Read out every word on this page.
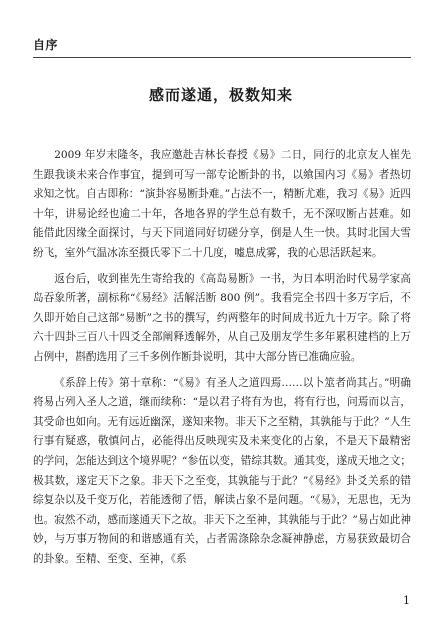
自序
感而遂通，极数知来

2009 年岁末隆冬，我应邀赴吉林长春授《易》二日，同行的北京友人崔先生跟我谈未来合作事宜，提到可写一部专论断卦的书，以飨国内习《易》者热切求知之忱。自古即称：“演卦容易断卦难。”占法不一，精断尤难，我习《易》近四十年，讲易论经也逾二十年，各地各界的学生总有数千，无不深叹断占甚难。如能借此因缘全面探讨，与天下同道同好切磋分享，倒是人生一快。其时北国大雪纷飞，室外气温冰冻至摄氏零下二十几度，嘘息成雾，我的心思活跃起来。

返台后，收到崔先生寄给我的《高岛易断》一书，为日本明治时代易学家高岛吞象所著，副标称“《易经》活解活断 800 例”。我看完全书四十多万字后，不久即开始自己这部“易断”之书的撰写，约两整年的时间成书近九十万字。除了将六十四卦三百八十四爻全部阐释透解外，从自己及朋友学生多年累积建档的上万占例中，斟酌选用了三千多例作断卦说明，其中大部分皆已准确应验。

《系辞上传》第十章称：“《易》有圣人之道四焉……以卜筮者尚其占。”明确将易占列入圣人之道，继而续称：“是以君子将有为也，将有行也，问焉而以言，其受命也如向。无有远近幽深，遂知来物。非天下之至精，其孰能与于此？”人生行事有疑惑，敬慎问占，必能得出反映现实及未来变化的占象，不是天下最精密的学问，怎能达到这个境界呢？“参伍以变，错综其数。通其变，遂成天地之文；极其数，遂定天下之象。非天下之至变，其孰能与于此？”《易经》卦爻关系的错综复杂以及千变万化，若能透彻了悟，解读占象不是问题。“《易》，无思也，无为也。寂然不动，感而遂通天下之故。非天下之至神，其孰能与于此？”易占如此神妙，与万事万物间的和谐感通有关，占者需涤除杂念凝神静虑，方易获致最切合的卦象。至精、至变、至神，《系

1
